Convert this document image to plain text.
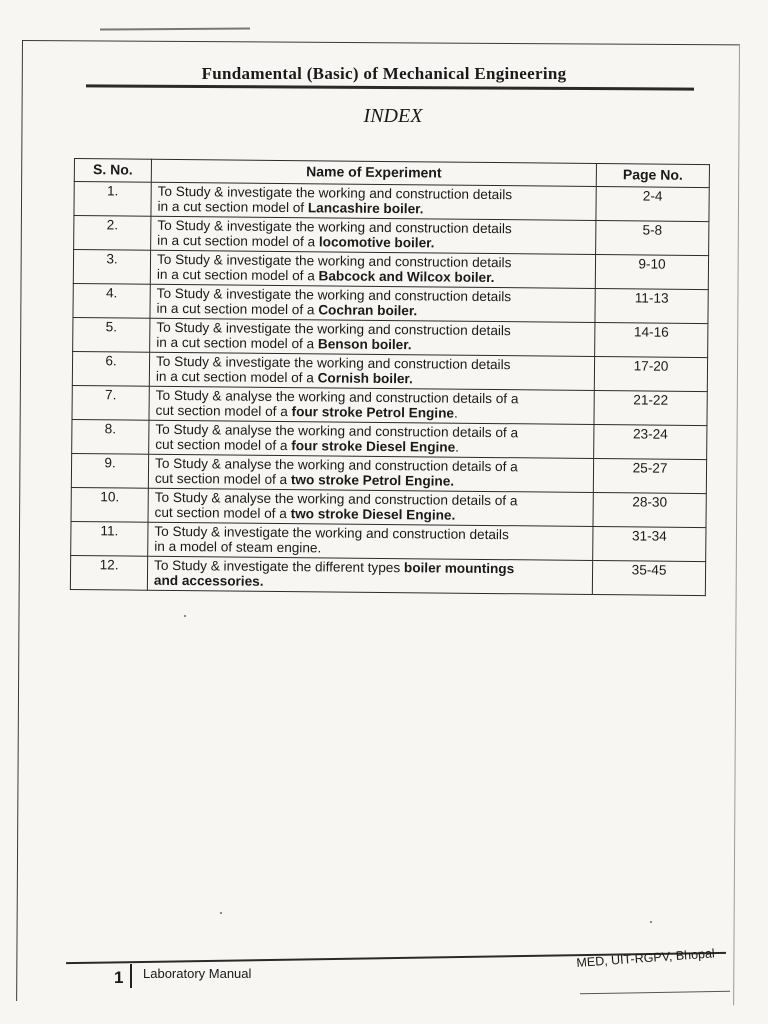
Fundamental (Basic) of Mechanical Engineering
INDEX
S. No.	Name of Experiment	Page No.
1.	To Study & investigate the working and construction details
in a cut section model of Lancashire boiler.	2-4
2.	To Study & investigate the working and construction details
in a cut section model of a locomotive boiler.	5-8
3.	To Study & investigate the working and construction details
in a cut section model of a Babcock and Wilcox boiler.	9-10
4.	To Study & investigate the working and construction details
in a cut section model of a Cochran boiler.	11-13
5.	To Study & investigate the working and construction details
in a cut section model of a Benson boiler.	14-16
6.	To Study & investigate the working and construction details
in a cut section model of a Cornish boiler.	17-20
7.	To Study & analyse the working and construction details of a
cut section model of a four stroke Petrol Engine.	21-22
8.	To Study & analyse the working and construction details of a
cut section model of a four stroke Diesel Engine.	23-24
9.	To Study & analyse the working and construction details of a
cut section model of a two stroke Petrol Engine.	25-27
10.	To Study & analyse the working and construction details of a
cut section model of a two stroke Diesel Engine.	28-30
11.	To Study & investigate the working and construction details
in a model of steam engine.	31-34
12.	To Study & investigate the different types boiler mountings
and accessories.	35-45
1 Laboratory Manual
MED, UIT-RGPV, Bhopal
